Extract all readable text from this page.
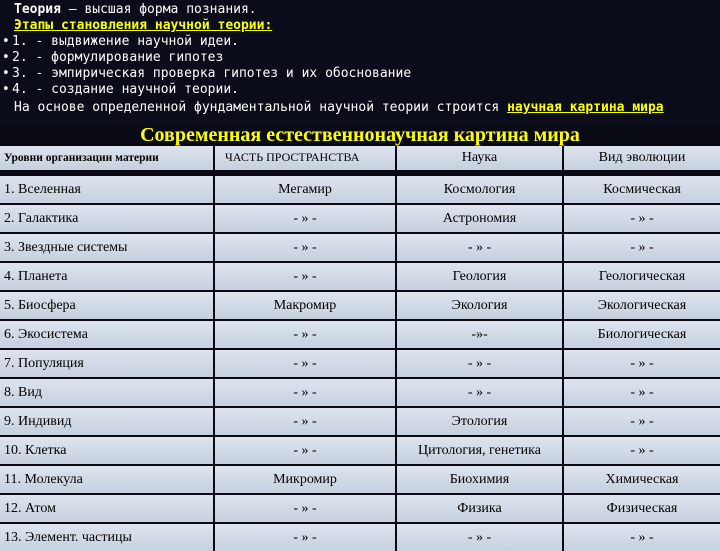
Теория – высшая форма познания.
Этапы становления научной теории:
• 1. - выдвижение научной идеи.
• 2. - формулирование гипотез
• 3. - эмпирическая проверка гипотез и их обоснование
• 4. - создание научной теории.
На основе определенной фундаментальной научной теории строится научная картина мира
Современная естественнонаучная картина мира
Уровни организации материи	ЧАСТЬ ПРОСТРАНСТВА	Наука	Вид эволюции
1. Вселенная	Мегамир	Космология	Космическая
2. Галактика	- » -	Астрономия	- » -
3. Звездные системы	- » -	- » -	- » -
4. Планета	- » -	Геология	Геологическая
5. Биосфера	Макромир	Экология	Экологическая
6. Экосистема	- » -	-»-	Биологическая
7. Популяция	- » -	- » -	- » -
8. Вид	- » -	- » -	- » -
9. Индивид	- » -	Этология	- » -
10. Клетка	- » -	Цитология, генетика	- » -
11. Молекула	Микромир	Биохимия	Химическая
12. Атом	- » -	Физика	Физическая
13. Элемент. частицы	- » -	- » -	- » -
